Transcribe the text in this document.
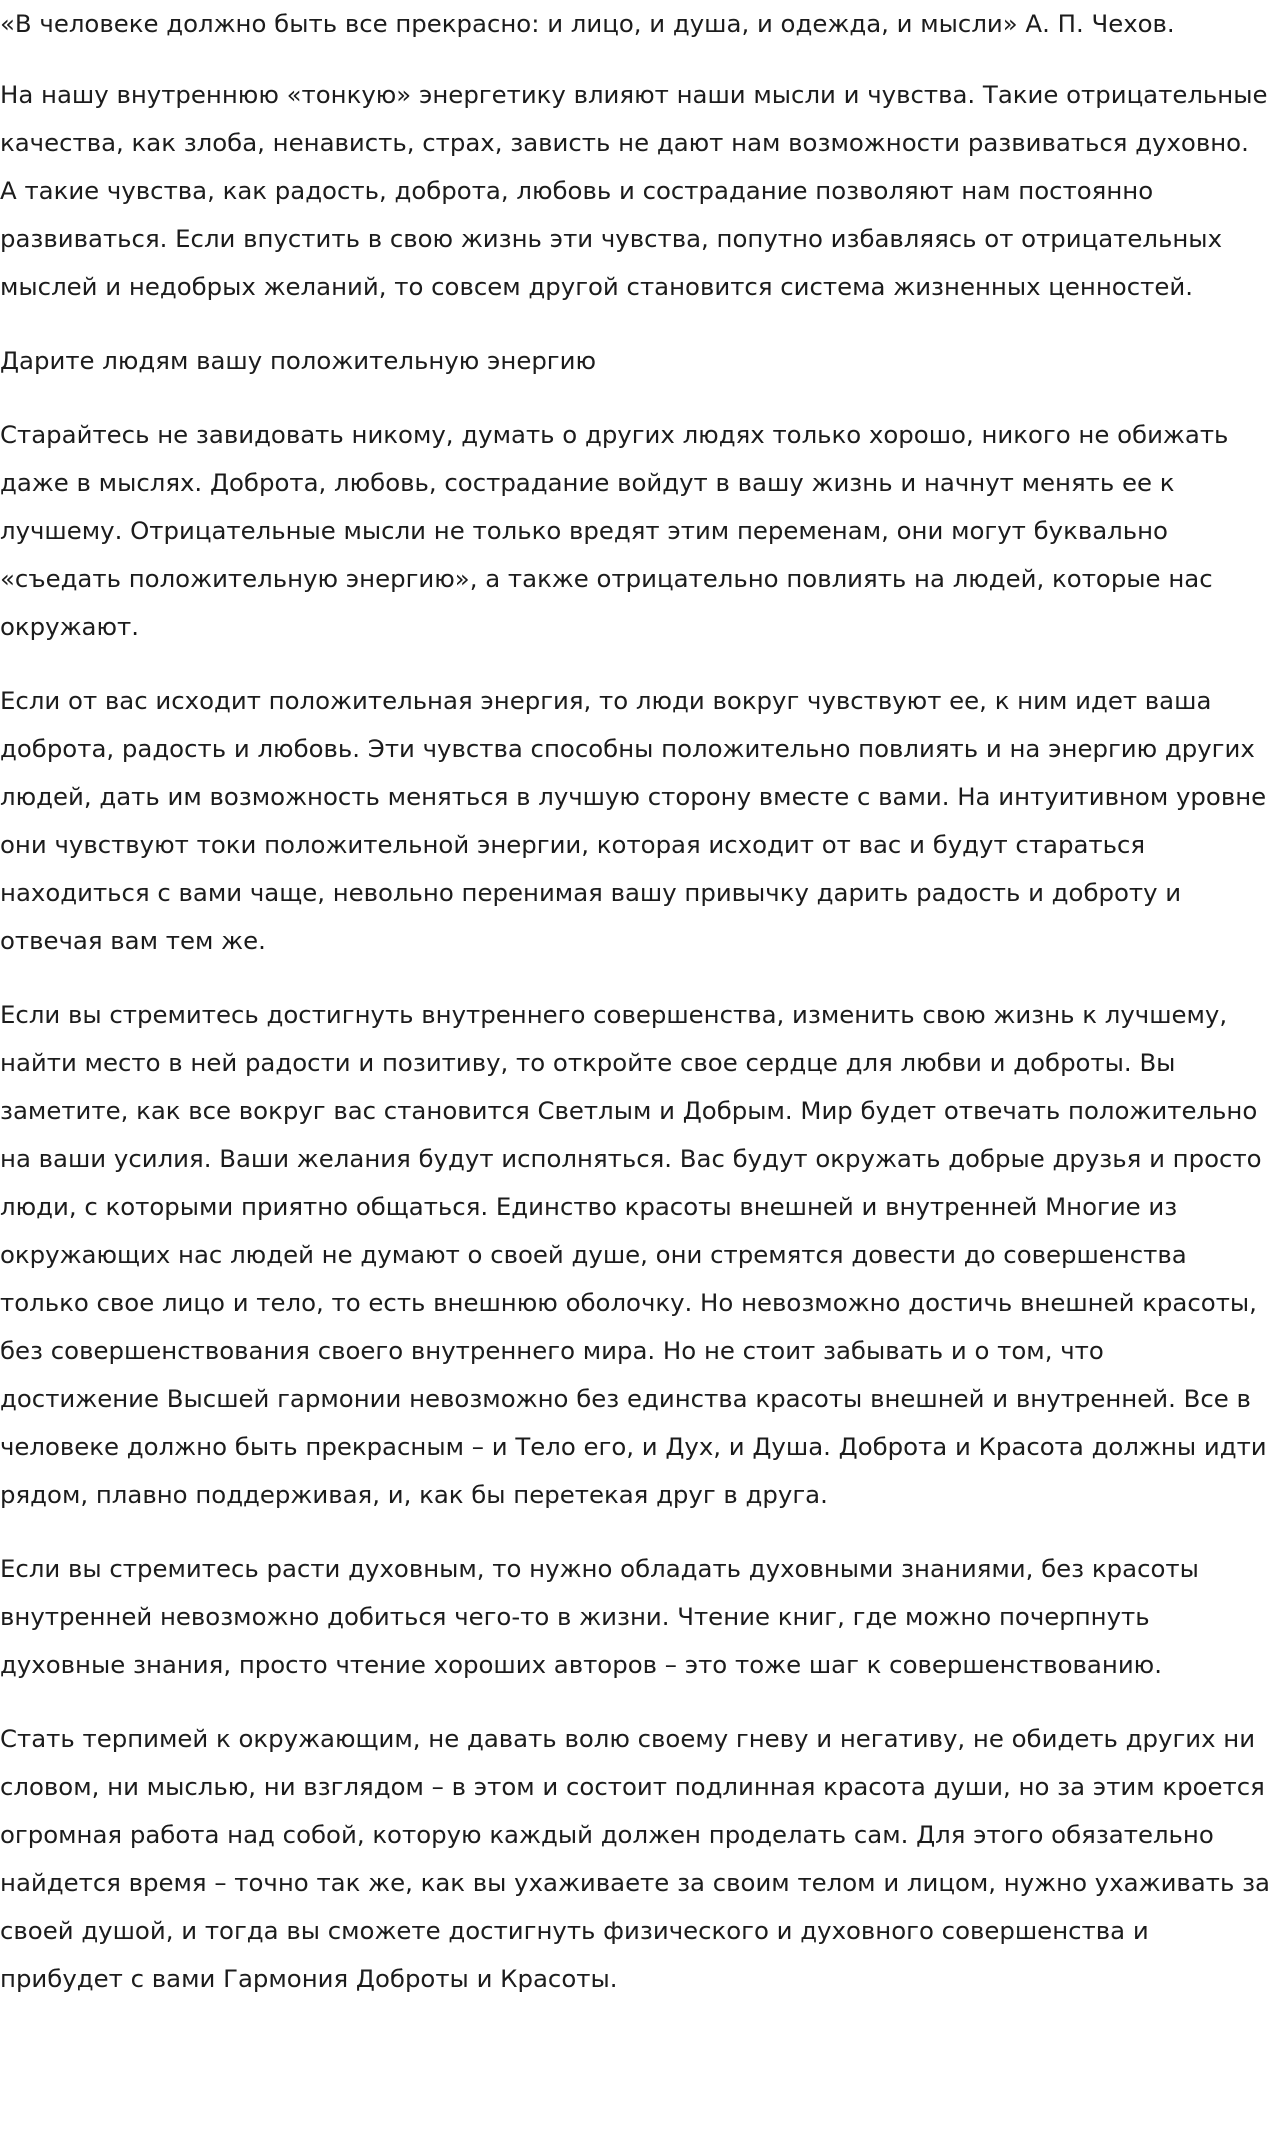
«В человеке должно быть все прекрасно: и лицо, и душа, и одежда, и мысли» А. П. Чехов.

На нашу внутреннюю «тонкую» энергетику влияют наши мысли и чувства. Такие отрицательные качества, как злоба, ненависть, страх, зависть не дают нам возможности развиваться духовно. А такие чувства, как радость, доброта, любовь и сострадание позволяют нам постоянно развиваться. Если впустить в свою жизнь эти чувства, попутно избавляясь от отрицательных мыслей и недобрых желаний, то совсем другой становится система жизненных ценностей.

Дарите людям вашу положительную энергию

Старайтесь не завидовать никому, думать о других людях только хорошо, никого не обижать даже в мыслях. Доброта, любовь, сострадание войдут в вашу жизнь и начнут менять ее к лучшему. Отрицательные мысли не только вредят этим переменам, они могут буквально «съедать положительную энергию», а также отрицательно повлиять на людей, которые нас окружают.

Если от вас исходит положительная энергия, то люди вокруг чувствуют ее, к ним идет ваша доброта, радость и любовь. Эти чувства способны положительно повлиять и на энергию других людей, дать им возможность меняться в лучшую сторону вместе с вами. На интуитивном уровне они чувствуют токи положительной энергии, которая исходит от вас и будут стараться находиться с вами чаще, невольно перенимая вашу привычку дарить радость и доброту и отвечая вам тем же.

Если вы стремитесь достигнуть внутреннего совершенства, изменить свою жизнь к лучшему, найти место в ней радости и позитиву, то откройте свое сердце для любви и доброты. Вы заметите, как все вокруг вас становится Светлым и Добрым. Мир будет отвечать положительно на ваши усилия. Ваши желания будут исполняться. Вас будут окружать добрые друзья и просто люди, с которыми приятно общаться. Единство красоты внешней и внутренней Многие из окружающих нас людей не думают о своей душе, они стремятся довести до совершенства только свое лицо и тело, то есть внешнюю оболочку. Но невозможно достичь внешней красоты, без совершенствования своего внутреннего мира. Но не стоит забывать и о том, что достижение Высшей гармонии невозможно без единства красоты внешней и внутренней. Все в человеке должно быть прекрасным – и Тело его, и Дух, и Душа. Доброта и Красота должны идти рядом, плавно поддерживая, и, как бы перетекая друг в друга.

Если вы стремитесь расти духовным, то нужно обладать духовными знаниями, без красоты внутренней невозможно добиться чего-то в жизни. Чтение книг, где можно почерпнуть духовные знания, просто чтение хороших авторов – это тоже шаг к совершенствованию.

Стать терпимей к окружающим, не давать волю своему гневу и негативу, не обидеть других ни словом, ни мыслью, ни взглядом – в этом и состоит подлинная красота души, но за этим кроется огромная работа над собой, которую каждый должен проделать сам. Для этого обязательно найдется время – точно так же, как вы ухаживаете за своим телом и лицом, нужно ухаживать за своей душой, и тогда вы сможете достигнуть физического и духовного совершенства и прибудет с вами Гармония Доброты и Красоты.
